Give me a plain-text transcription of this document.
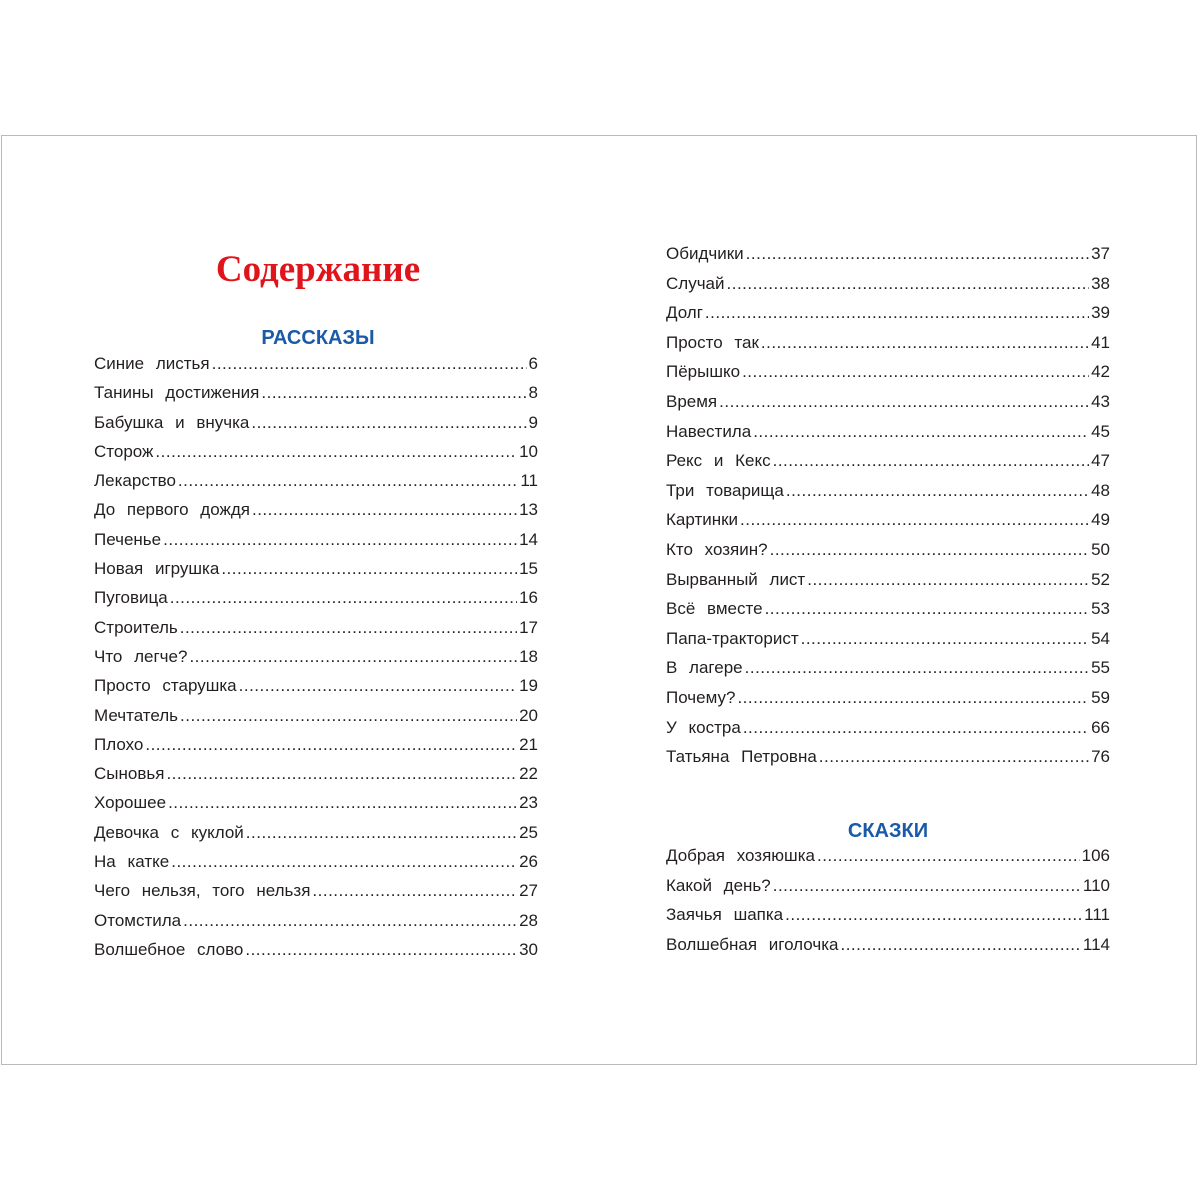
Содержание
РАССКАЗЫ
Синие листья .....	6
Танины достижения .....	8
Бабушка и внучка .....	9
Сторож .....	10
Лекарство .....	11
До первого дождя .....	13
Печенье .....	14
Новая игрушка .....	15
Пуговица .....	16
Строитель .....	17
Что легче? .....	18
Просто старушка .....	19
Мечтатель .....	20
Плохо .....	21
Сыновья .....	22
Хорошее .....	23
Девочка с куклой .....	25
На катке .....	26
Чего нельзя, того нельзя .....	27
Отомстила .....	28
Волшебное слово .....	30
Обидчики .....	37
Случай .....	38
Долг .....	39
Просто так .....	41
Пёрышко .....	42
Время .....	43
Навестила .....	45
Рекс и Кекс .....	47
Три товарища .....	48
Картинки .....	49
Кто хозяин? .....	50
Вырванный лист .....	52
Всё вместе .....	53
Папа-тракторист .....	54
В лагере .....	55
Почему? .....	59
У костра .....	66
Татьяна Петровна .....	76
СКАЗКИ
Добрая хозяюшка .....	106
Какой день? .....	110
Заячья шапка .....	111
Волшебная иголочка .....	114
